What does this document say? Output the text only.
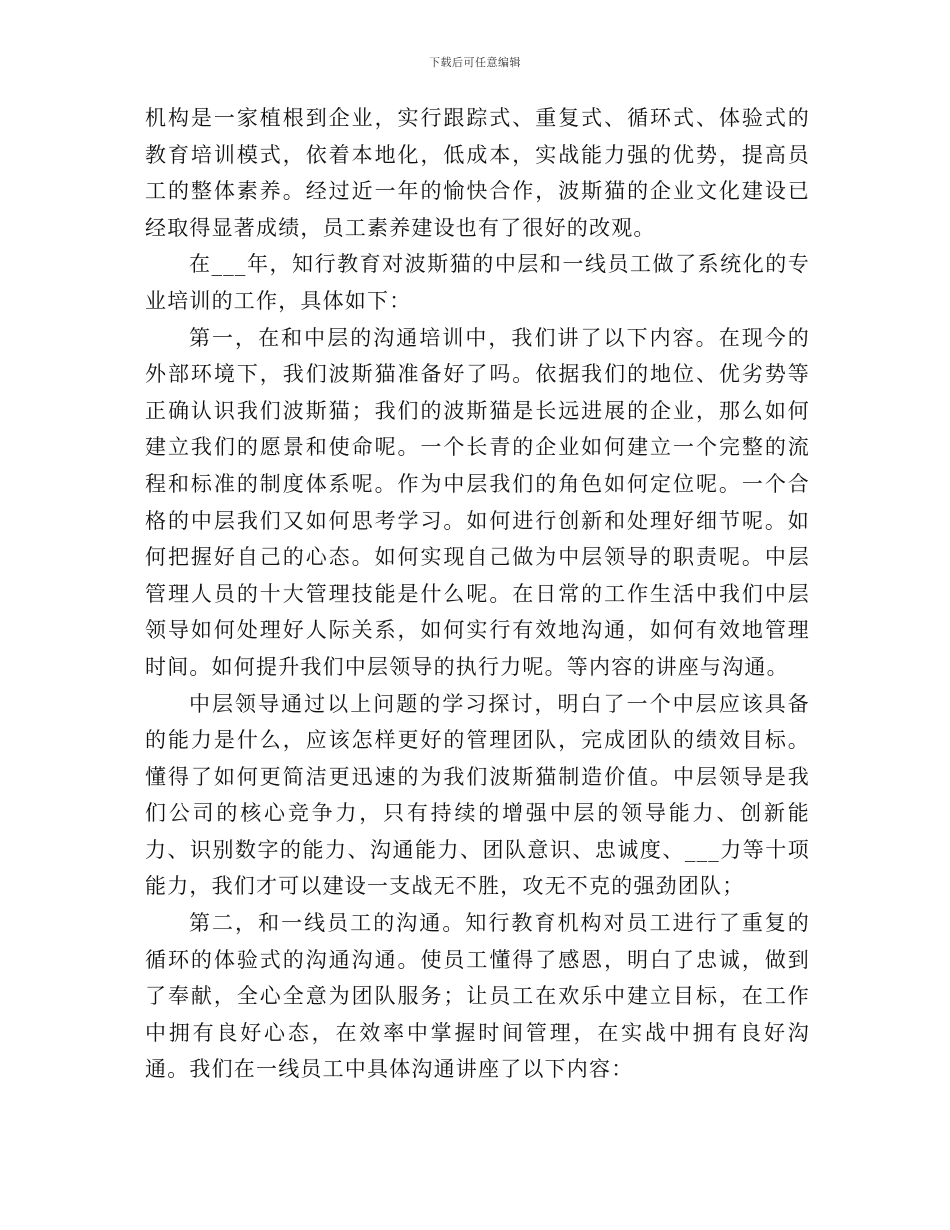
下载后可任意编辑

机构是一家植根到企业，实行跟踪式、重复式、循环式、体验式的教育培训模式，依着本地化，低成本，实战能力强的优势，提高员工的整体素养。经过近一年的愉快合作，波斯猫的企业文化建设已经取得显著成绩，员工素养建设也有了很好的改观。

在___年，知行教育对波斯猫的中层和一线员工做了系统化的专业培训的工作，具体如下：

第一，在和中层的沟通培训中，我们讲了以下内容。在现今的外部环境下，我们波斯猫准备好了吗。依据我们的地位、优劣势等正确认识我们波斯猫；我们的波斯猫是长远进展的企业，那么如何建立我们的愿景和使命呢。一个长青的企业如何建立一个完整的流程和标准的制度体系呢。作为中层我们的角色如何定位呢。一个合格的中层我们又如何思考学习。如何进行创新和处理好细节呢。如何把握好自己的心态。如何实现自己做为中层领导的职责呢。中层管理人员的十大管理技能是什么呢。在日常的工作生活中我们中层领导如何处理好人际关系，如何实行有效地沟通，如何有效地管理时间。如何提升我们中层领导的执行力呢。等内容的讲座与沟通。

中层领导通过以上问题的学习探讨，明白了一个中层应该具备的能力是什么，应该怎样更好的管理团队，完成团队的绩效目标。懂得了如何更简洁更迅速的为我们波斯猫制造价值。中层领导是我们公司的核心竞争力，只有持续的增强中层的领导能力、创新能力、识别数字的能力、沟通能力、团队意识、忠诚度、___力等十项能力，我们才可以建设一支战无不胜，攻无不克的强劲团队；

第二，和一线员工的沟通。知行教育机构对员工进行了重复的循环的体验式的沟通沟通。使员工懂得了感恩，明白了忠诚，做到了奉献，全心全意为团队服务；让员工在欢乐中建立目标，在工作中拥有良好心态，在效率中掌握时间管理，在实战中拥有良好沟通。我们在一线员工中具体沟通讲座了以下内容：
